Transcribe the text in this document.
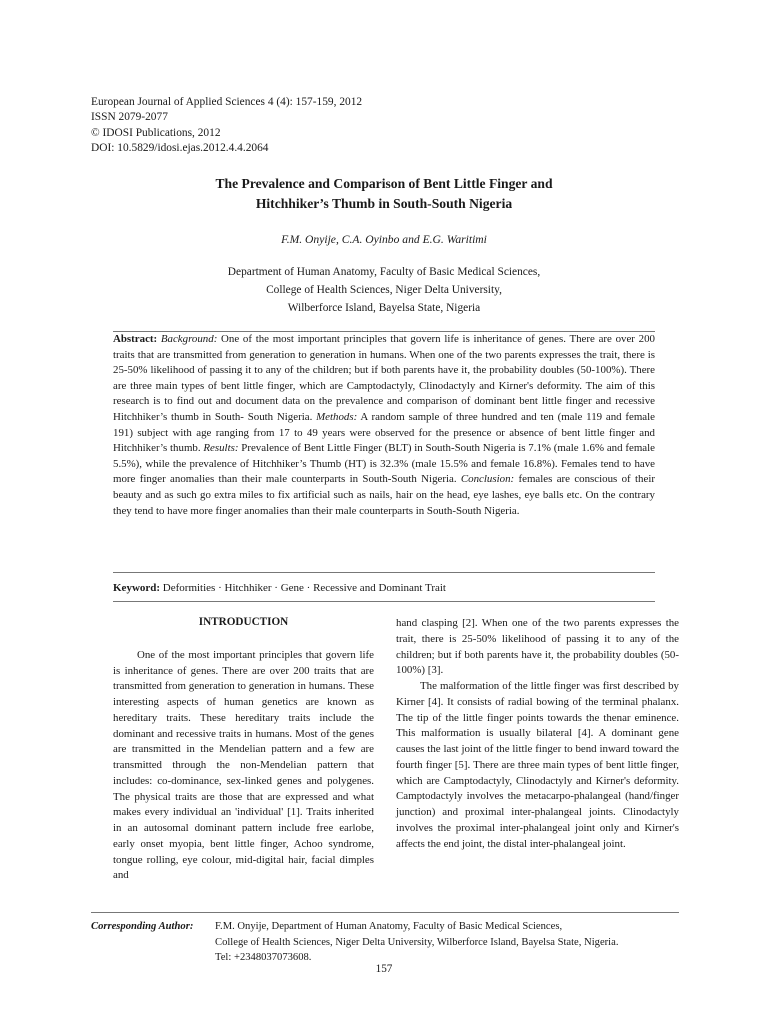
European Journal of Applied Sciences 4 (4): 157-159, 2012
ISSN 2079-2077
© IDOSI Publications, 2012
DOI: 10.5829/idosi.ejas.2012.4.4.2064
The Prevalence and Comparison of Bent Little Finger and
Hitchhiker’s Thumb in South-South Nigeria
F.M. Onyije, C.A. Oyinbo and E.G. Waritimi
Department of Human Anatomy, Faculty of Basic Medical Sciences,
College of Health Sciences, Niger Delta University,
Wilberforce Island, Bayelsa State, Nigeria
Abstract: Background: One of the most important principles that govern life is inheritance of genes. There are over 200 traits that are transmitted from generation to generation in humans. When one of the two parents expresses the trait, there is 25-50% likelihood of passing it to any of the children; but if both parents have it, the probability doubles (50-100%). There are three main types of bent little finger, which are Camptodactyly, Clinodactyly and Kirner's deformity. The aim of this research is to find out and document data on the prevalence and comparison of dominant bent little finger and recessive Hitchhiker’s thumb in South- South Nigeria. Methods: A random sample of three hundred and ten (male 119 and female 191) subject with age ranging from 17 to 49 years were observed for the presence or absence of bent little finger and Hitchhiker’s thumb. Results: Prevalence of Bent Little Finger (BLT) in South-South Nigeria is 7.1% (male 1.6% and female 5.5%), while the prevalence of Hitchhiker’s Thumb (HT) is 32.3% (male 15.5% and female 16.8%). Females tend to have more finger anomalies than their male counterparts in South-South Nigeria. Conclusion: females are conscious of their beauty and as such go extra miles to fix artificial such as nails, hair on the head, eye lashes, eye balls etc. On the contrary they tend to have more finger anomalies than their male counterparts in South-South Nigeria.
Keyword: Deformities · Hitchhiker · Gene · Recessive and Dominant Trait
INTRODUCTION

One of the most important principles that govern life is inheritance of genes. There are over 200 traits that are transmitted from generation to generation in humans. These interesting aspects of human genetics are known as hereditary traits. These hereditary traits include the dominant and recessive traits in humans. Most of the genes are transmitted in the Mendelian pattern and a few are transmitted through the non-Mendelian pattern that includes: co-dominance, sex-linked genes and polygenes. The physical traits are those that are expressed and what makes every individual an 'individual' [1]. Traits inherited in an autosomal dominant pattern include free earlobe, early onset myopia, bent little finger, Achoo syndrome, tongue rolling, eye colour, mid-digital hair, facial dimples and

hand clasping [2]. When one of the two parents expresses the trait, there is 25-50% likelihood of passing it to any of the children; but if both parents have it, the probability doubles (50-100%) [3].

The malformation of the little finger was first described by Kirner [4]. It consists of radial bowing of the terminal phalanx. The tip of the little finger points towards the thenar eminence. This malformation is usually bilateral [4]. A dominant gene causes the last joint of the little finger to bend inward toward the fourth finger [5]. There are three main types of bent little finger, which are Camptodactyly, Clinodactyly and Kirner's deformity. Camptodactyly involves the metacarpo-phalangeal (hand/finger junction) and proximal inter-phalangeal joints. Clinodactyly involves the proximal inter-phalangeal joint only and Kirner's affects the end joint, the distal inter-phalangeal joint.

Corresponding Author: F.M. Onyije, Department of Human Anatomy, Faculty of Basic Medical Sciences,
College of Health Sciences, Niger Delta University, Wilberforce Island, Bayelsa State, Nigeria.
Tel: +2348037073608.
157
